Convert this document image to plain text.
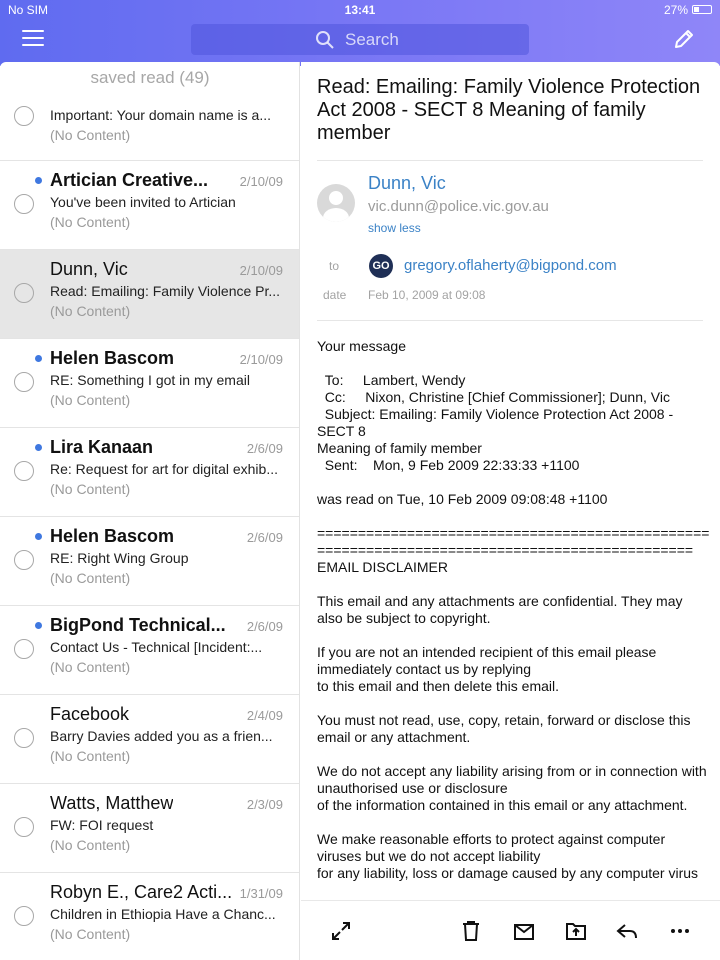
No SIM	13:41	27%
Search
saved read (49)
Important: Your domain name is a...
(No Content)
Artician Creative... 2/10/09
You've been invited to Artician
(No Content)
Dunn, Vic	2/10/09
Read: Emailing: Family Violence Pr...
(No Content)
Helen Bascom	2/10/09
RE: Something I got in my email
(No Content)
Lira Kanaan	2/6/09
Re: Request for art for digital exhib...
(No Content)
Helen Bascom	2/6/09
RE: Right Wing Group
(No Content)
BigPond Technical... 2/6/09
Contact Us - Technical [Incident:...
(No Content)
Facebook	2/4/09
Barry Davies added you as a frien...
(No Content)
Watts, Matthew	2/3/09
FW: FOI request
(No Content)
Robyn E., Care2 Acti... 1/31/09
Children in Ethiopia Have a Chanc...
(No Content)
Read: Emailing: Family Violence Protection Act 2008 - SECT 8 Meaning of family member
Dunn, Vic
vic.dunn@police.vic.gov.au
show less
to	GO gregory.oflaherty@bigpond.com
date Feb 10, 2009 at 09:08

Your message

To:     Lambert, Wendy
Cc:     Nixon, Christine [Chief Commissioner]; Dunn, Vic
Subject: Emailing: Family Violence Protection Act 2008 - SECT 8
Meaning of family member
Sent:    Mon, 9 Feb 2009 22:33:33 +1100

was read on Tue, 10 Feb 2009 09:08:48 +1100

==============================================================================================

EMAIL DISCLAIMER

This email and any attachments are confidential. They may also be subject to copyright.

If you are not an intended recipient of this email please
immediately contact us by replying
to this email and then delete this email.

You must not read, use, copy, retain, forward or disclose this email or any attachment.

We do not accept any liability arising from or in connection with unauthorised use or disclosure
of the information contained in this email or any attachment.

We make reasonable efforts to protect against computer viruses but we do not accept liability
for any liability, loss or damage caused by any computer virus
